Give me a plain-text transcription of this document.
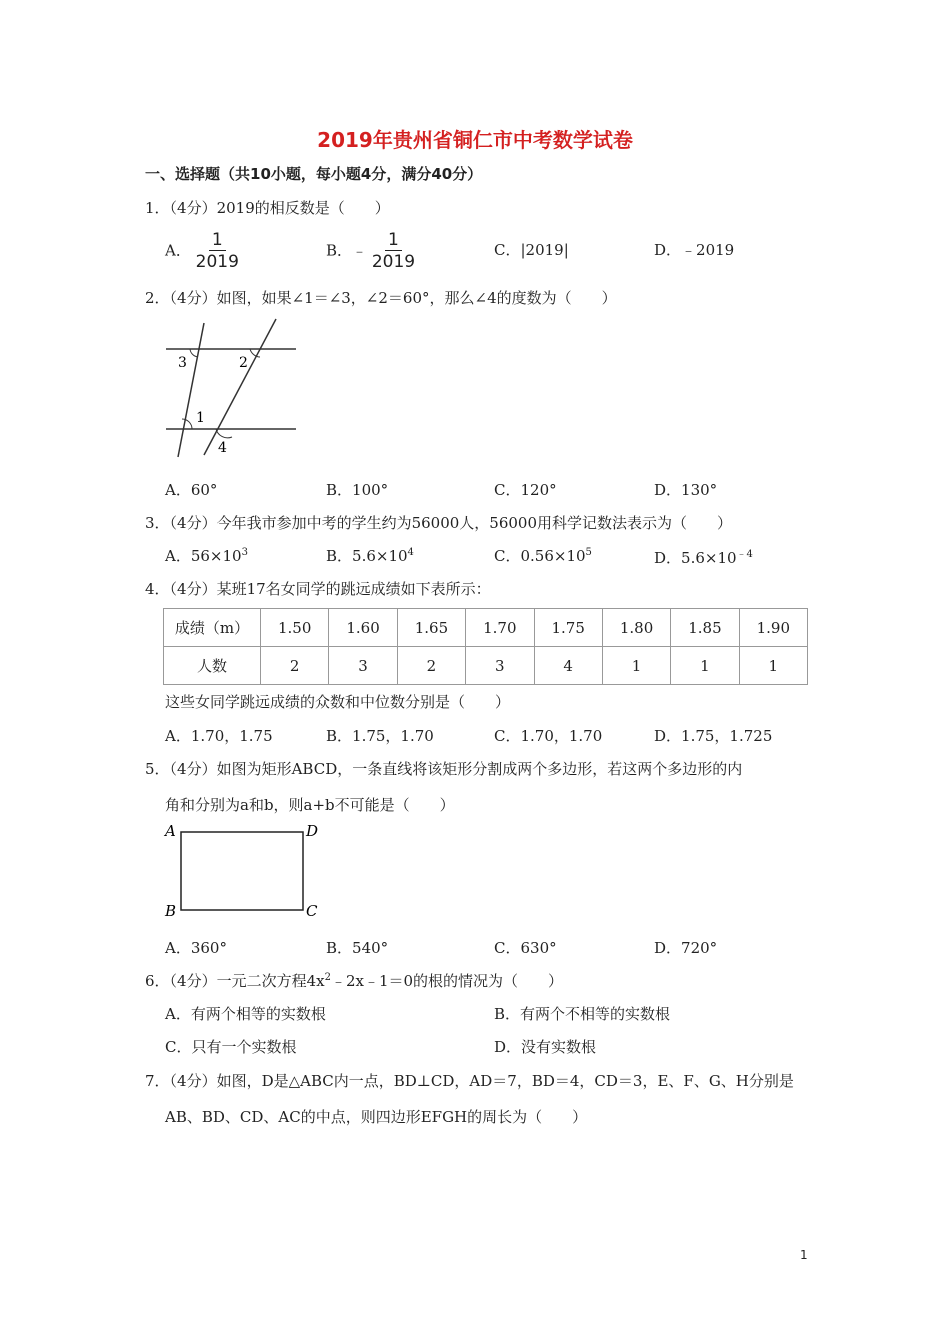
2019年贵州省铜仁市中考数学试卷
一、选择题（共10小题，每小题4分，满分40分）
1．（4分）2019的相反数是（　　）
A． $\frac{1}{2019}$	B．﹣ $\frac{1}{2019}$	C．|2019|	D．﹣2019
2．（4分）如图，如果∠1＝∠3，∠2＝60°，那么∠4的度数为（　　）
3	2
1
4
A．60°	B．100°	C．120°	D．130°
3．（4分）今年我市参加中考的学生约为56000人，56000用科学记数法表示为（　　）
A．$56\times 10^3$	B．$5.6\times 10^4$	C．$0.56\times 10^5$	D．$5.6\times 10^{﹣4}$
4．（4分）某班17名女同学的跳远成绩如下表所示：
成绩（m）	1.50	1.60	1.65	1.70	1.75	1.80	1.85	1.90
人数	2	3	2	3	4	1	1	1
这些女同学跳远成绩的众数和中位数分别是（　　）
A．1.70，1.75	B．1.75，1.70	C．1.70，1.70	D．1.75，1.725
5．（4分）如图为矩形ABCD，一条直线将该矩形分割成两个多边形，若这两个多边形的内
角和分别为a和b，则a+b不可能是（　　）
A	D
B	C
A．360°	B．540°	C．630°	D．720°
6．（4分）一元二次方程$4x^2﹣2x﹣1=0$的根的情况为（　　）
A．有两个相等的实数根	B．有两个不相等的实数根
C．只有一个实数根	D．没有实数根
7．（4分）如图，D是△ABC内一点，BD⊥CD，AD＝7，BD＝4，CD＝3，E、F、G、H分别是
AB、BD、CD、AC的中点，则四边形EFGH的周长为（　　）
1
